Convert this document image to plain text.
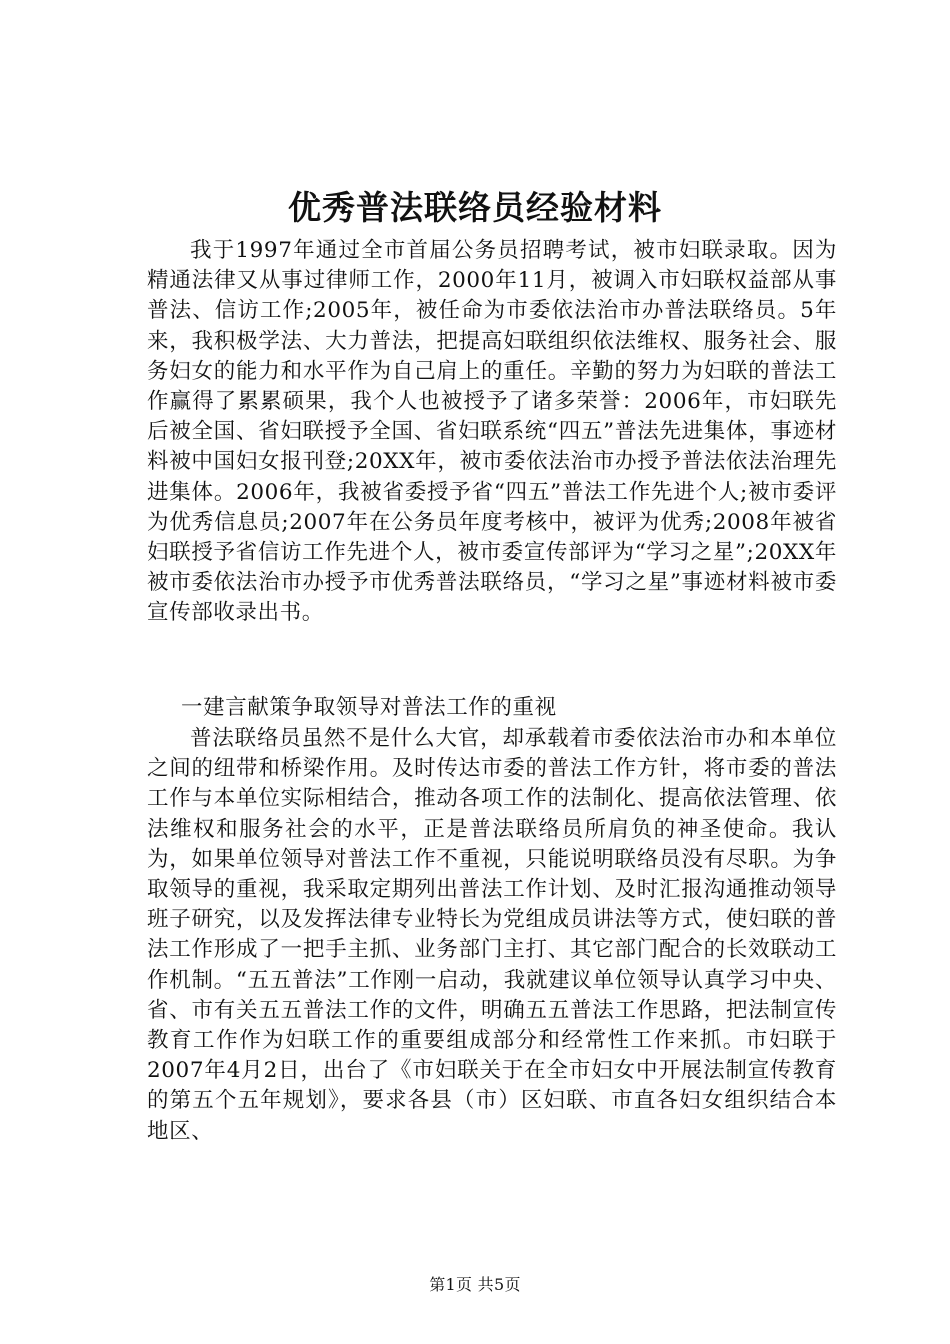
优秀普法联络员经验材料

我于1997年通过全市首届公务员招聘考试，被市妇联录取。因为精通法律又从事过律师工作，2000年11月，被调入市妇联权益部从事普法、信访工作;2005年，被任命为市委依法治市办普法联络员。5年来，我积极学法、大力普法，把提高妇联组织依法维权、服务社会、服务妇女的能力和水平作为自己肩上的重任。辛勤的努力为妇联的普法工作赢得了累累硕果，我个人也被授予了诸多荣誉：2006年，市妇联先后被全国、省妇联授予全国、省妇联系统“四五”普法先进集体，事迹材料被中国妇女报刊登;20XX年，被市委依法治市办授予普法依法治理先进集体。2006年，我被省委授予省“四五”普法工作先进个人;被市委评为优秀信息员;2007年在公务员年度考核中，被评为优秀;2008年被省妇联授予省信访工作先进个人，被市委宣传部评为“学习之星”;20XX年被市委依法治市办授予市优秀普法联络员，“学习之星”事迹材料被市委宣传部收录出书。

一建言献策争取领导对普法工作的重视

普法联络员虽然不是什么大官，却承载着市委依法治市办和本单位之间的纽带和桥梁作用。及时传达市委的普法工作方针，将市委的普法工作与本单位实际相结合，推动各项工作的法制化、提高依法管理、依法维权和服务社会的水平，正是普法联络员所肩负的神圣使命。我认为，如果单位领导对普法工作不重视，只能说明联络员没有尽职。为争取领导的重视，我采取定期列出普法工作计划、及时汇报沟通推动领导班子研究，以及发挥法律专业特长为党组成员讲法等方式，使妇联的普法工作形成了一把手主抓、业务部门主打、其它部门配合的长效联动工作机制。“五五普法”工作刚一启动，我就建议单位领导认真学习中央、省、市有关五五普法工作的文件，明确五五普法工作思路，把法制宣传教育工作作为妇联工作的重要组成部分和经常性工作来抓。市妇联于2007年4月2日，出台了《市妇联关于在全市妇女中开展法制宣传教育的第五个五年规划》，要求各县（市）区妇联、市直各妇女组织结合本地区、

第1页 共5页
